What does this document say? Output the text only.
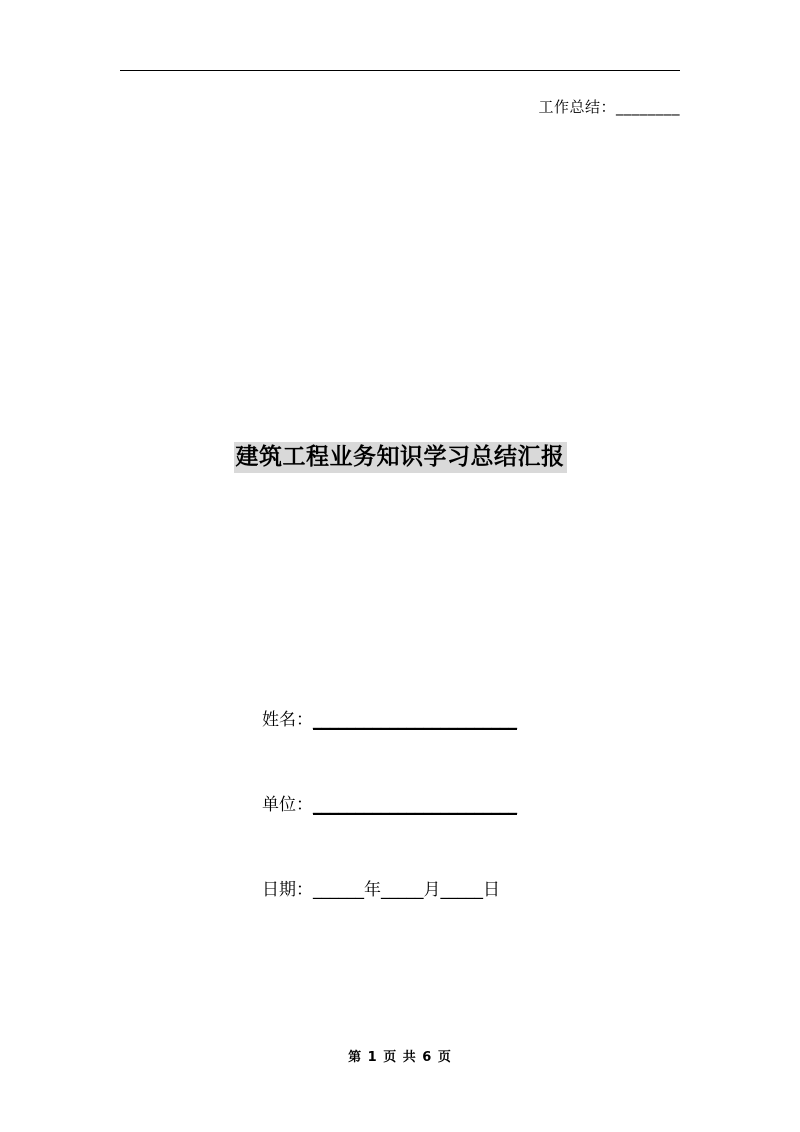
工作总结：________
建筑工程业务知识学习总结汇报
姓名：________________________
单位：________________________
日期：______年_____月_____日
第 1 页 共 6 页
